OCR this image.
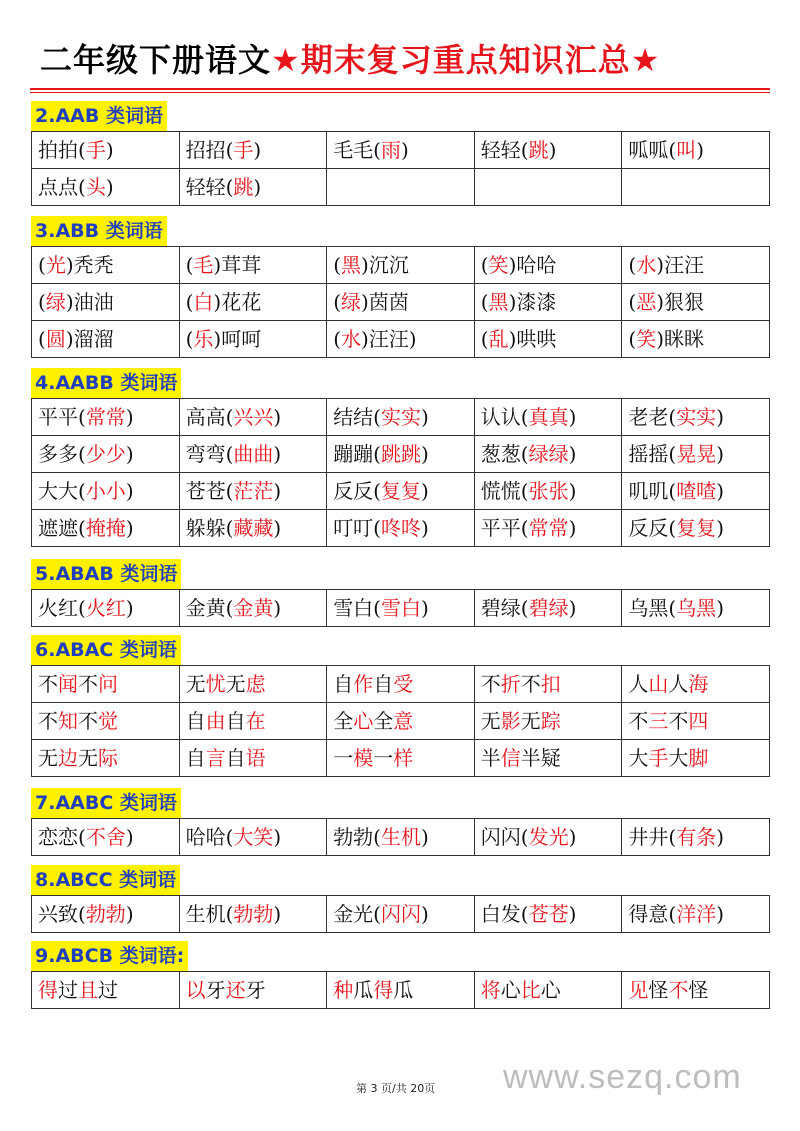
二年级下册语文★期末复习重点知识汇总★
2.AAB 类词语
拍拍(手)	招招(手)	毛毛(雨)	轻轻(跳)	呱呱(叫)
点点(头)	轻轻(跳)			
3.ABB 类词语
(光)秃秃	(毛)茸茸	(黑)沉沉	(笑)哈哈	(水)汪汪
(绿)油油	(白)花花	(绿)茵茵	(黑)漆漆	(恶)狠狠
(圆)溜溜	(乐)呵呵	(水)汪汪)	(乱)哄哄	(笑)眯眯
4.AABB 类词语
平平(常常)	高高(兴兴)	结结(实实)	认认(真真)	老老(实实)
多多(少少)	弯弯(曲曲)	蹦蹦(跳跳)	葱葱(绿绿)	摇摇(晃晃)
大大(小小)	苍苍(茫茫)	反反(复复)	慌慌(张张)	叽叽(喳喳)
遮遮(掩掩)	躲躲(藏藏)	叮叮(咚咚)	平平(常常)	反反(复复)
5.ABAB 类词语
火红(火红)	金黄(金黄)	雪白(雪白)	碧绿(碧绿)	乌黑(乌黑)
6.ABAC 类词语
不闻不问	无忧无虑	自作自受	不折不扣	人山人海
不知不觉	自由自在	全心全意	无影无踪	不三不四
无边无际	自言自语	一模一样	半信半疑	大手大脚
7.AABC 类词语
恋恋(不舍)	哈哈(大笑)	勃勃(生机)	闪闪(发光)	井井(有条)
8.ABCC 类词语
兴致(勃勃)	生机(勃勃)	金光(闪闪)	白发(苍苍)	得意(洋洋)
9.ABCB 类词语:
得过且过	以牙还牙	种瓜得瓜	将心比心	见怪不怪
第 3 页/共 20页 www.sezq.com
